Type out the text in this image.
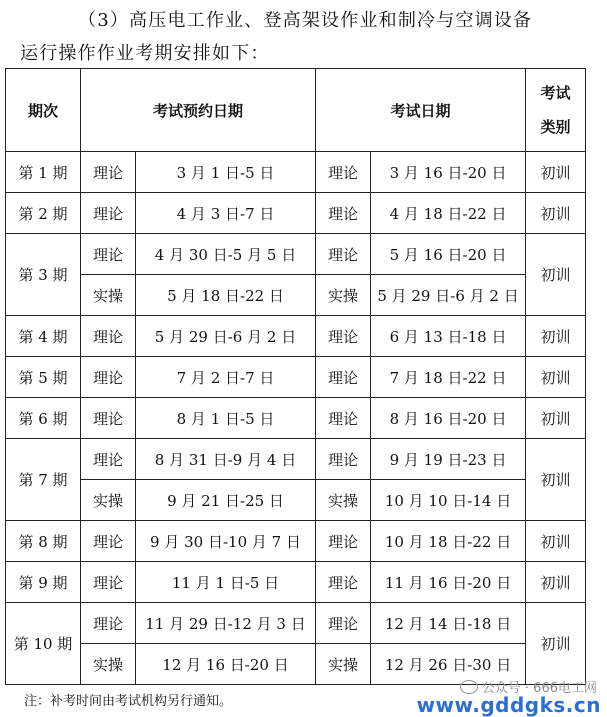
（3）高压电工作业、登高架设作业和制冷与空调设备
运行操作作业考期安排如下：
期次	考试预约日期		考试日期		考试
类别

第 1 期	理论	3 月 1 日-5 日	理论	3 月 16 日-20 日	初训
第 2 期	理论	4 月 3 日-7 日	理论	4 月 18 日-22 日	初训
第 3 期	理论	4 月 30 日-5 月 5 日	理论	5 月 16 日-20 日	初训
	实操	5 月 18 日-22 日	实操	5 月 29 日-6 月 2 日	
第 4 期	理论	5 月 29 日-6 月 2 日	理论	6 月 13 日-18 日	初训
第 5 期	理论	7 月 2 日-7 日	理论	7 月 18 日-22 日	初训
第 6 期	理论	8 月 1 日-5 日	理论	8 月 16 日-20 日	初训
第 7 期	理论	8 月 31 日-9 月 4 日	理论	9 月 19 日-23 日	初训
	实操	9 月 21 日-25 日	实操	10 月 10 日-14 日	
第 8 期	理论	9 月 30 日-10 月 7 日	理论	10 月 18 日-22 日	初训
第 9 期	理论	11 月 1 日-5 日	理论	11 月 16 日-20 日	初训
第 10 期	理论	11 月 29 日-12 月 3 日	理论	12 月 14 日-18 日	初训
	实操	12 月 16 日-20 日	实操	12 月 26 日-30 日	
注：补考时间由考试机构另行通知。
公众号 · 666电工网
www.gddgks.cn
